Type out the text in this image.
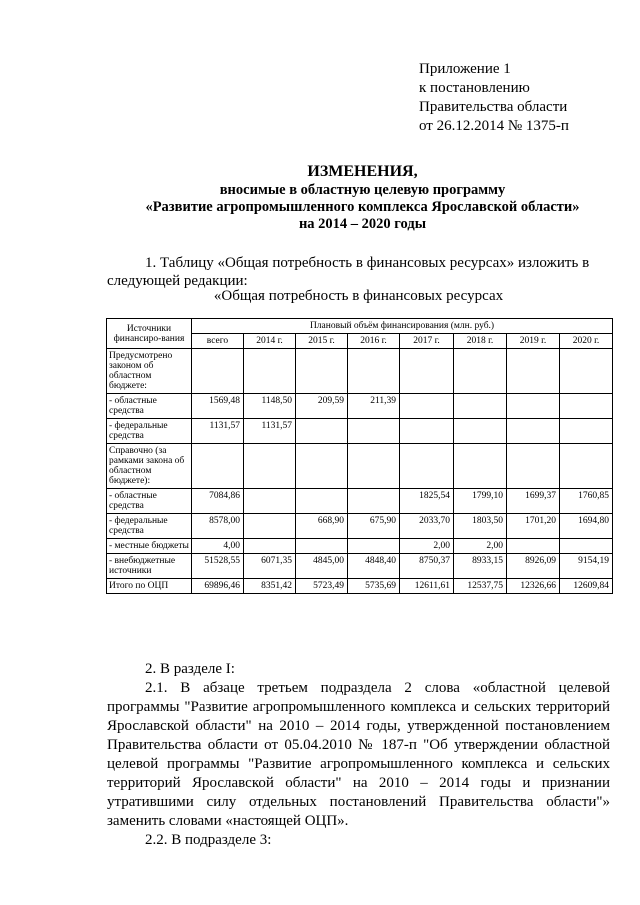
Приложение 1
к постановлению
Правительства области
от 26.12.2014 № 1375-п
ИЗМЕНЕНИЯ,
вносимые в областную целевую программу
«Развитие агропромышленного комплекса Ярославской области»
на 2014 – 2020 годы
1. Таблицу «Общая потребность в финансовых ресурсах» изложить в
следующей редакции:
«Общая потребность в финансовых ресурсах
Источники финансиро-вания	Плановый объём финансирования (млн. руб.)							
	всего	2014 г.	2015 г.	2016 г.	2017 г.	2018 г.	2019 г.	2020 г.
Предусмотрено законом об областном бюджете:								
- областные средства	1569,48	1148,50	209,59	211,39				
- федеральные средства	1131,57	1131,57						
Справочно (за рамками закона об областном бюджете):								
- областные средства	7084,86				1825,54	1799,10	1699,37	1760,85
- федеральные средства	8578,00		668,90	675,90	2033,70	1803,50	1701,20	1694,80
- местные бюджеты	4,00				2,00	2,00		
- внебюджетные источники	51528,55	6071,35	4845,00	4848,40	8750,37	8933,15	8926,09	9154,19
Итого по ОЦП	69896,46	8351,42	5723,49	5735,69	12611,61	12537,75	12326,66	12609,84
2. В разделе I:
2.1. В абзаце третьем подраздела 2 слова «областной целевой программы "Развитие агропромышленного комплекса и сельских территорий Ярославской области" на 2010 – 2014 годы, утвержденной постановлением Правительства области от 05.04.2010 № 187-п "Об утверждении областной целевой программы "Развитие агропромышленного комплекса и сельских территорий Ярославской области" на 2010 – 2014 годы и признании утратившими силу отдельных постановлений Правительства области"» заменить словами «настоящей ОЦП».
2.2. В подразделе 3:
